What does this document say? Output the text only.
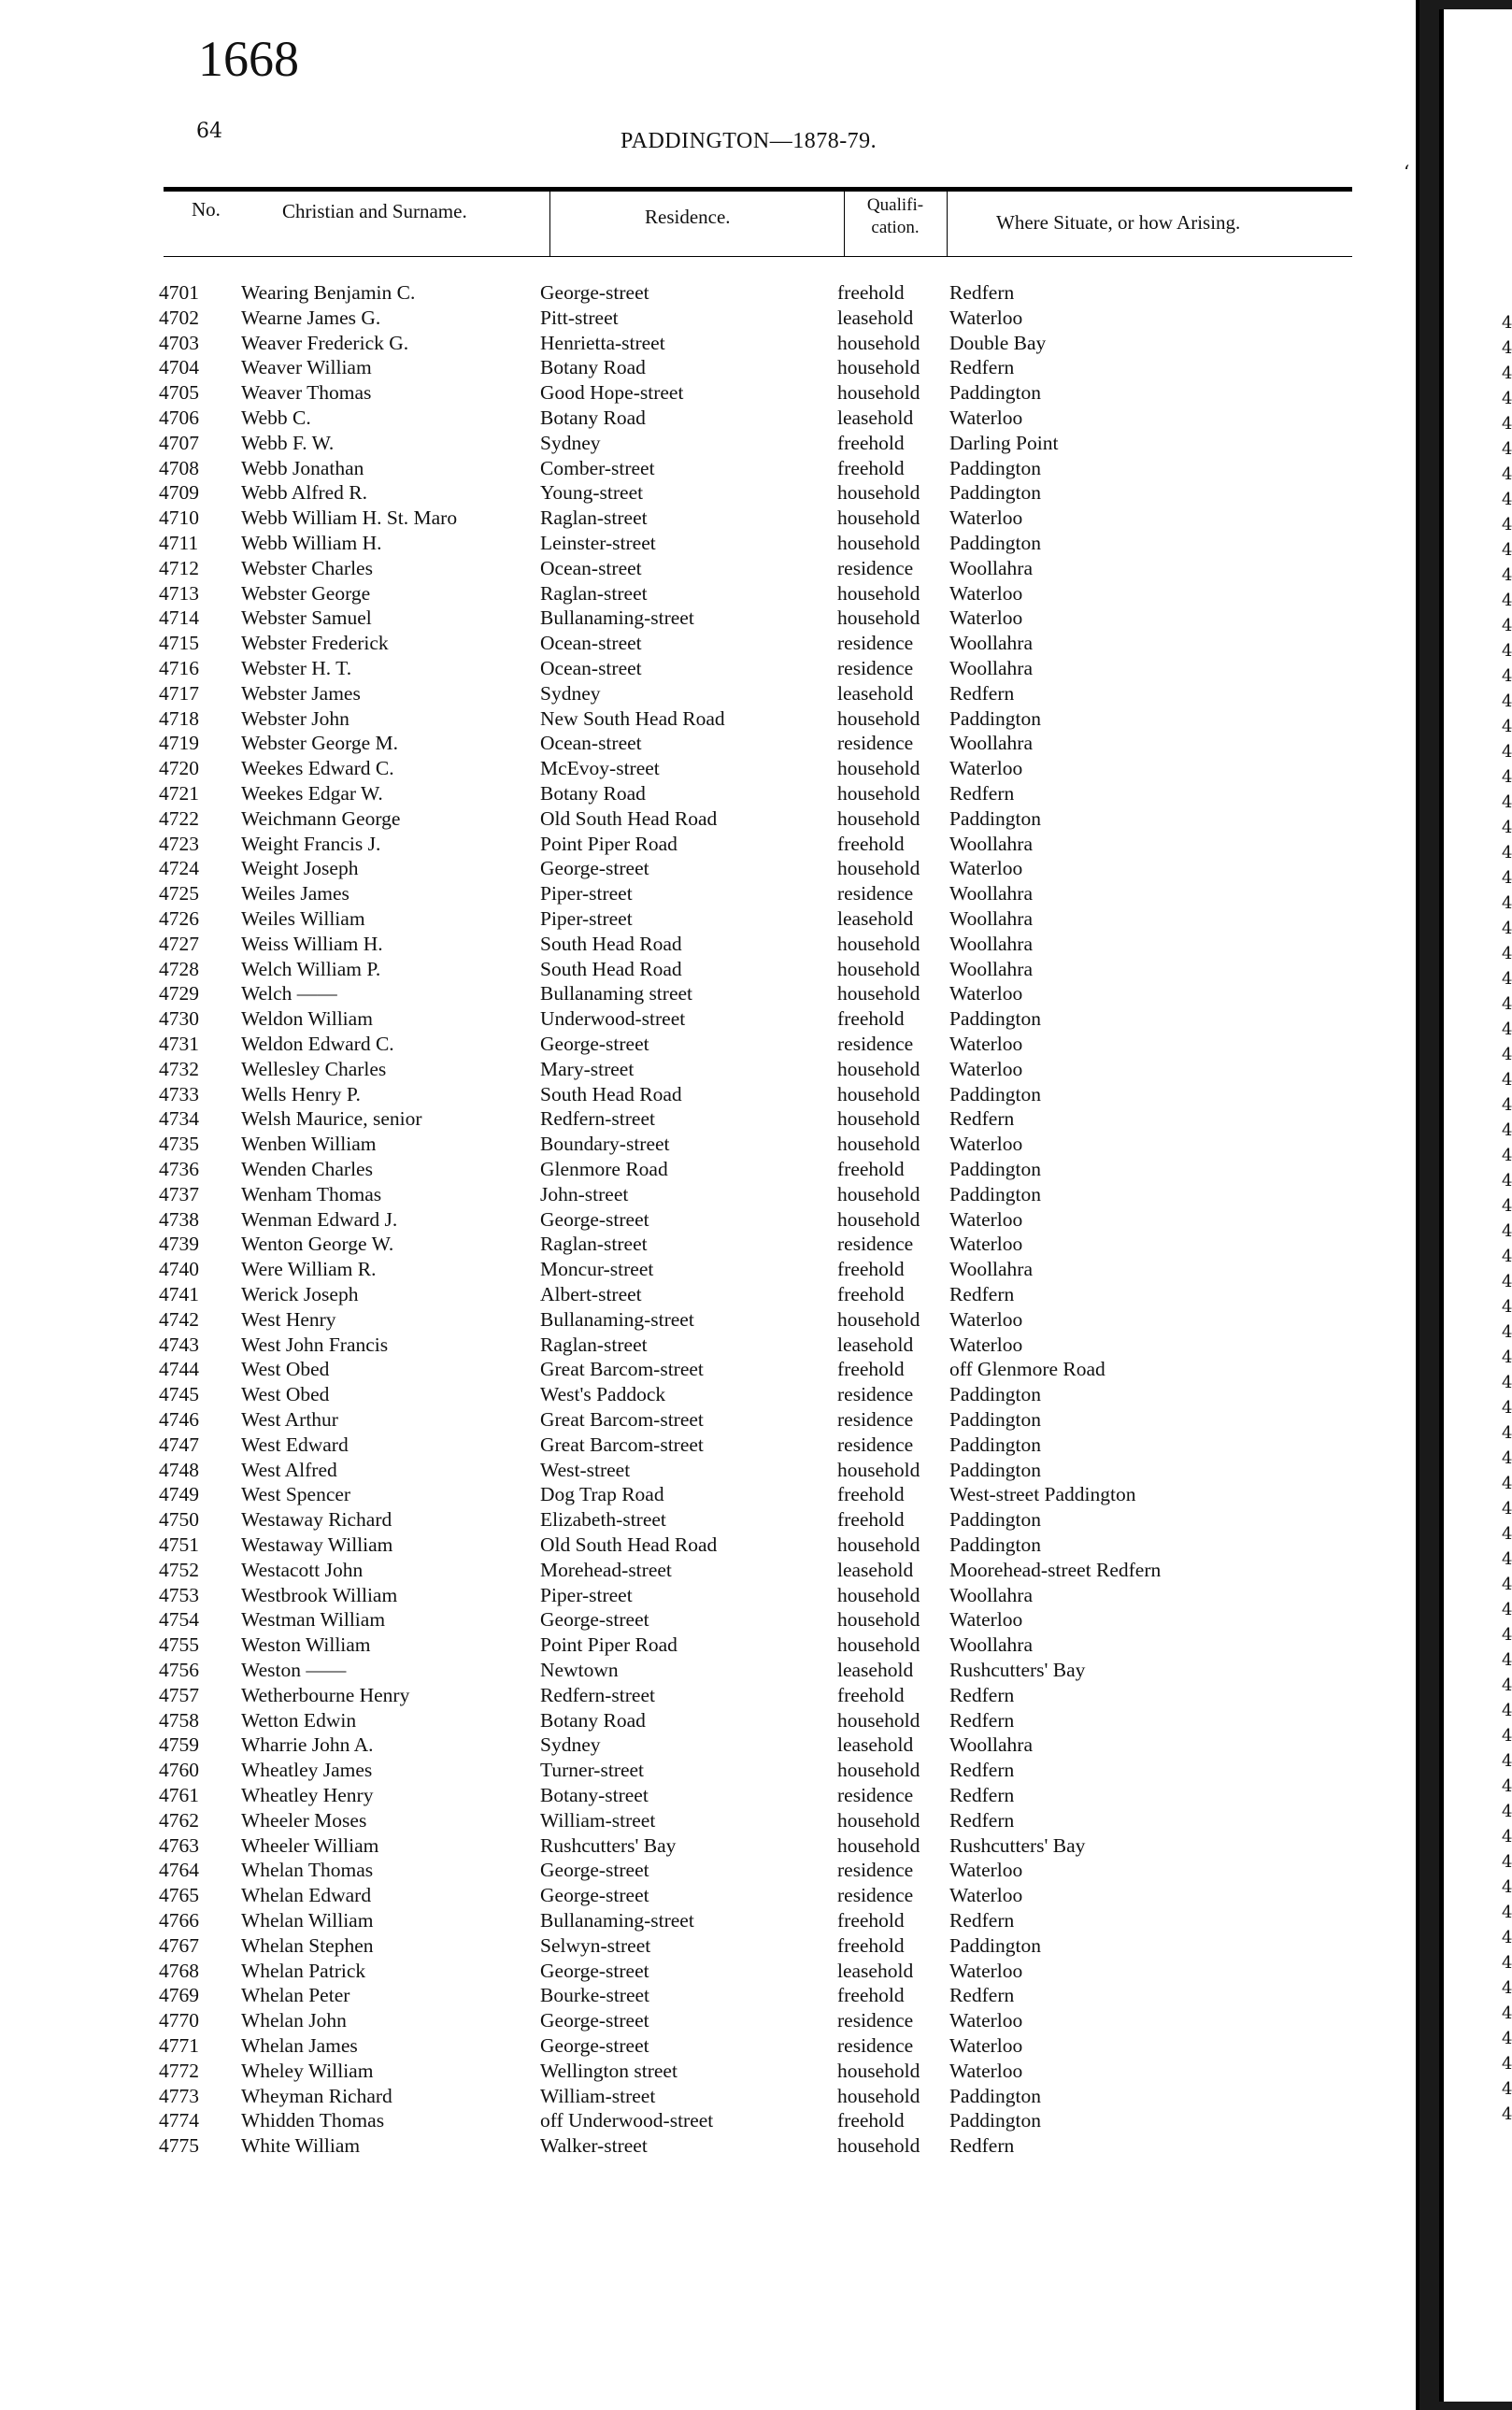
1668
64	PADDINGTON—1878-79.
‘
No.	Christian and Surname.	Residence.
Qualifi-
cation.	Where Situate, or how Arising.
4701	Wearing Benjamin C.	George-street	freehold Redfern
4702	Wearne James G.	Pitt-street	leasehold Waterloo
4703	Weaver Frederick G.	Henrietta-street	household Double Bay
4704	Weaver William	Botany Road	household Redfern
4705	Weaver Thomas	Good Hope-street	household Paddington
4706	Webb C.	Botany Road	leasehold Waterloo
4707	Webb F. W.	Sydney	freehold Darling Point
4708	Webb Jonathan	Comber-street	freehold Paddington
4709	Webb Alfred R.	Young-street	household Paddington
4710	Webb William H. St. Maro	Raglan-street	household Waterloo
4711	Webb William H.	Leinster-street	household Paddington
4712	Webster Charles	Ocean-street	residence Woollahra
4713	Webster George	Raglan-street	household Waterloo
4714	Webster Samuel	Bullanaming-street	household Waterloo
4715	Webster Frederick	Ocean-street	residence Woollahra
4716	Webster H. T.	Ocean-street	residence Woollahra
4717	Webster James	Sydney	leasehold Redfern
4718	Webster John	New South Head Road	household Paddington
4719	Webster George M.	Ocean-street	residence Woollahra
4720	Weekes Edward C.	McEvoy-street	household Waterloo
4721	Weekes Edgar W.	Botany Road	household Redfern
4722	Weichmann George	Old South Head Road	household Paddington
4723	Weight Francis J.	Point Piper Road	freehold Woollahra
4724	Weight Joseph	George-street	household Waterloo
4725	Weiles James	Piper-street	residence Woollahra
4726	Weiles William	Piper-street	leasehold Woollahra
4727	Weiss William H.	South Head Road	household Woollahra
4728	Welch William P.	South Head Road	household Woollahra
4729	Welch ——	Bullanaming street	household Waterloo
4730	Weldon William	Underwood-street	freehold Paddington
4731	Weldon Edward C.	George-street	residence Waterloo
4732	Wellesley Charles	Mary-street	household Waterloo
4733	Wells Henry P.	South Head Road	household Paddington
4734	Welsh Maurice, senior	Redfern-street	household Redfern
4735	Wenben William	Boundary-street	household Waterloo
4736	Wenden Charles	Glenmore Road	freehold Paddington
4737	Wenham Thomas	John-street	household Paddington
4738	Wenman Edward J.	George-street	household Waterloo
4739	Wenton George W.	Raglan-street	residence Waterloo
4740	Were William R.	Moncur-street	freehold Woollahra
4741	Werick Joseph	Albert-street	freehold Redfern
4742	West Henry	Bullanaming-street	household Waterloo
4743	West John Francis	Raglan-street	leasehold Waterloo
4744	West Obed	Great Barcom-street	freehold off Glenmore Road
4745	West Obed	West's Paddock	residence Paddington
4746	West Arthur	Great Barcom-street	residence Paddington
4747	West Edward	Great Barcom-street	residence Paddington
4748	West Alfred	West-street	household Paddington
4749	West Spencer	Dog Trap Road	freehold West-street Paddington
4750	Westaway Richard	Elizabeth-street	freehold Paddington
4751	Westaway William	Old South Head Road	household Paddington
4752	Westacott John	Morehead-street	leasehold Moorehead-street Redfern
4753	Westbrook William	Piper-street	household Woollahra
4754	Westman William	George-street	household Waterloo
4755	Weston William	Point Piper Road	household Woollahra
4756	Weston ——	Newtown	leasehold Rushcutters' Bay
4757	Wetherbourne Henry	Redfern-street	freehold Redfern
4758	Wetton Edwin	Botany Road	household Redfern
4759	Wharrie John A.	Sydney	leasehold Woollahra
4760	Wheatley James	Turner-street	household Redfern
4761	Wheatley Henry	Botany-street	residence Redfern
4762	Wheeler Moses	William-street	household Redfern
4763	Wheeler William	Rushcutters' Bay	household Rushcutters' Bay
4764	Whelan Thomas	George-street	residence Waterloo
4765	Whelan Edward	George-street	residence Waterloo
4766	Whelan William	Bullanaming-street	freehold Redfern
4767	Whelan Stephen	Selwyn-street	freehold Paddington
4768	Whelan Patrick	George-street	leasehold Waterloo
4769	Whelan Peter	Bourke-street	freehold Redfern
4770	Whelan John	George-street	residence Waterloo
4771	Whelan James	George-street	residence Waterloo
4772	Wheley William	Wellington street	household Waterloo
4773	Wheyman Richard	William-street	household Paddington
4774	Whidden Thomas	off Underwood-street	freehold Paddington
4775	White William	Walker-street	household Redfern
4
4
4
4
4
4
4
4
4
4
4
4
4
4
4
4
4
4
4
4
4
4
4
4
4
4
4
4
4
4
4
4
4
4
4
4
4
4
4
4
4
4
4
4
4
4
4
4
4
4
4
4
4
4
4
4
4
4
4
4
4
4
4
4
4
4
4
4
4
4
4
4
